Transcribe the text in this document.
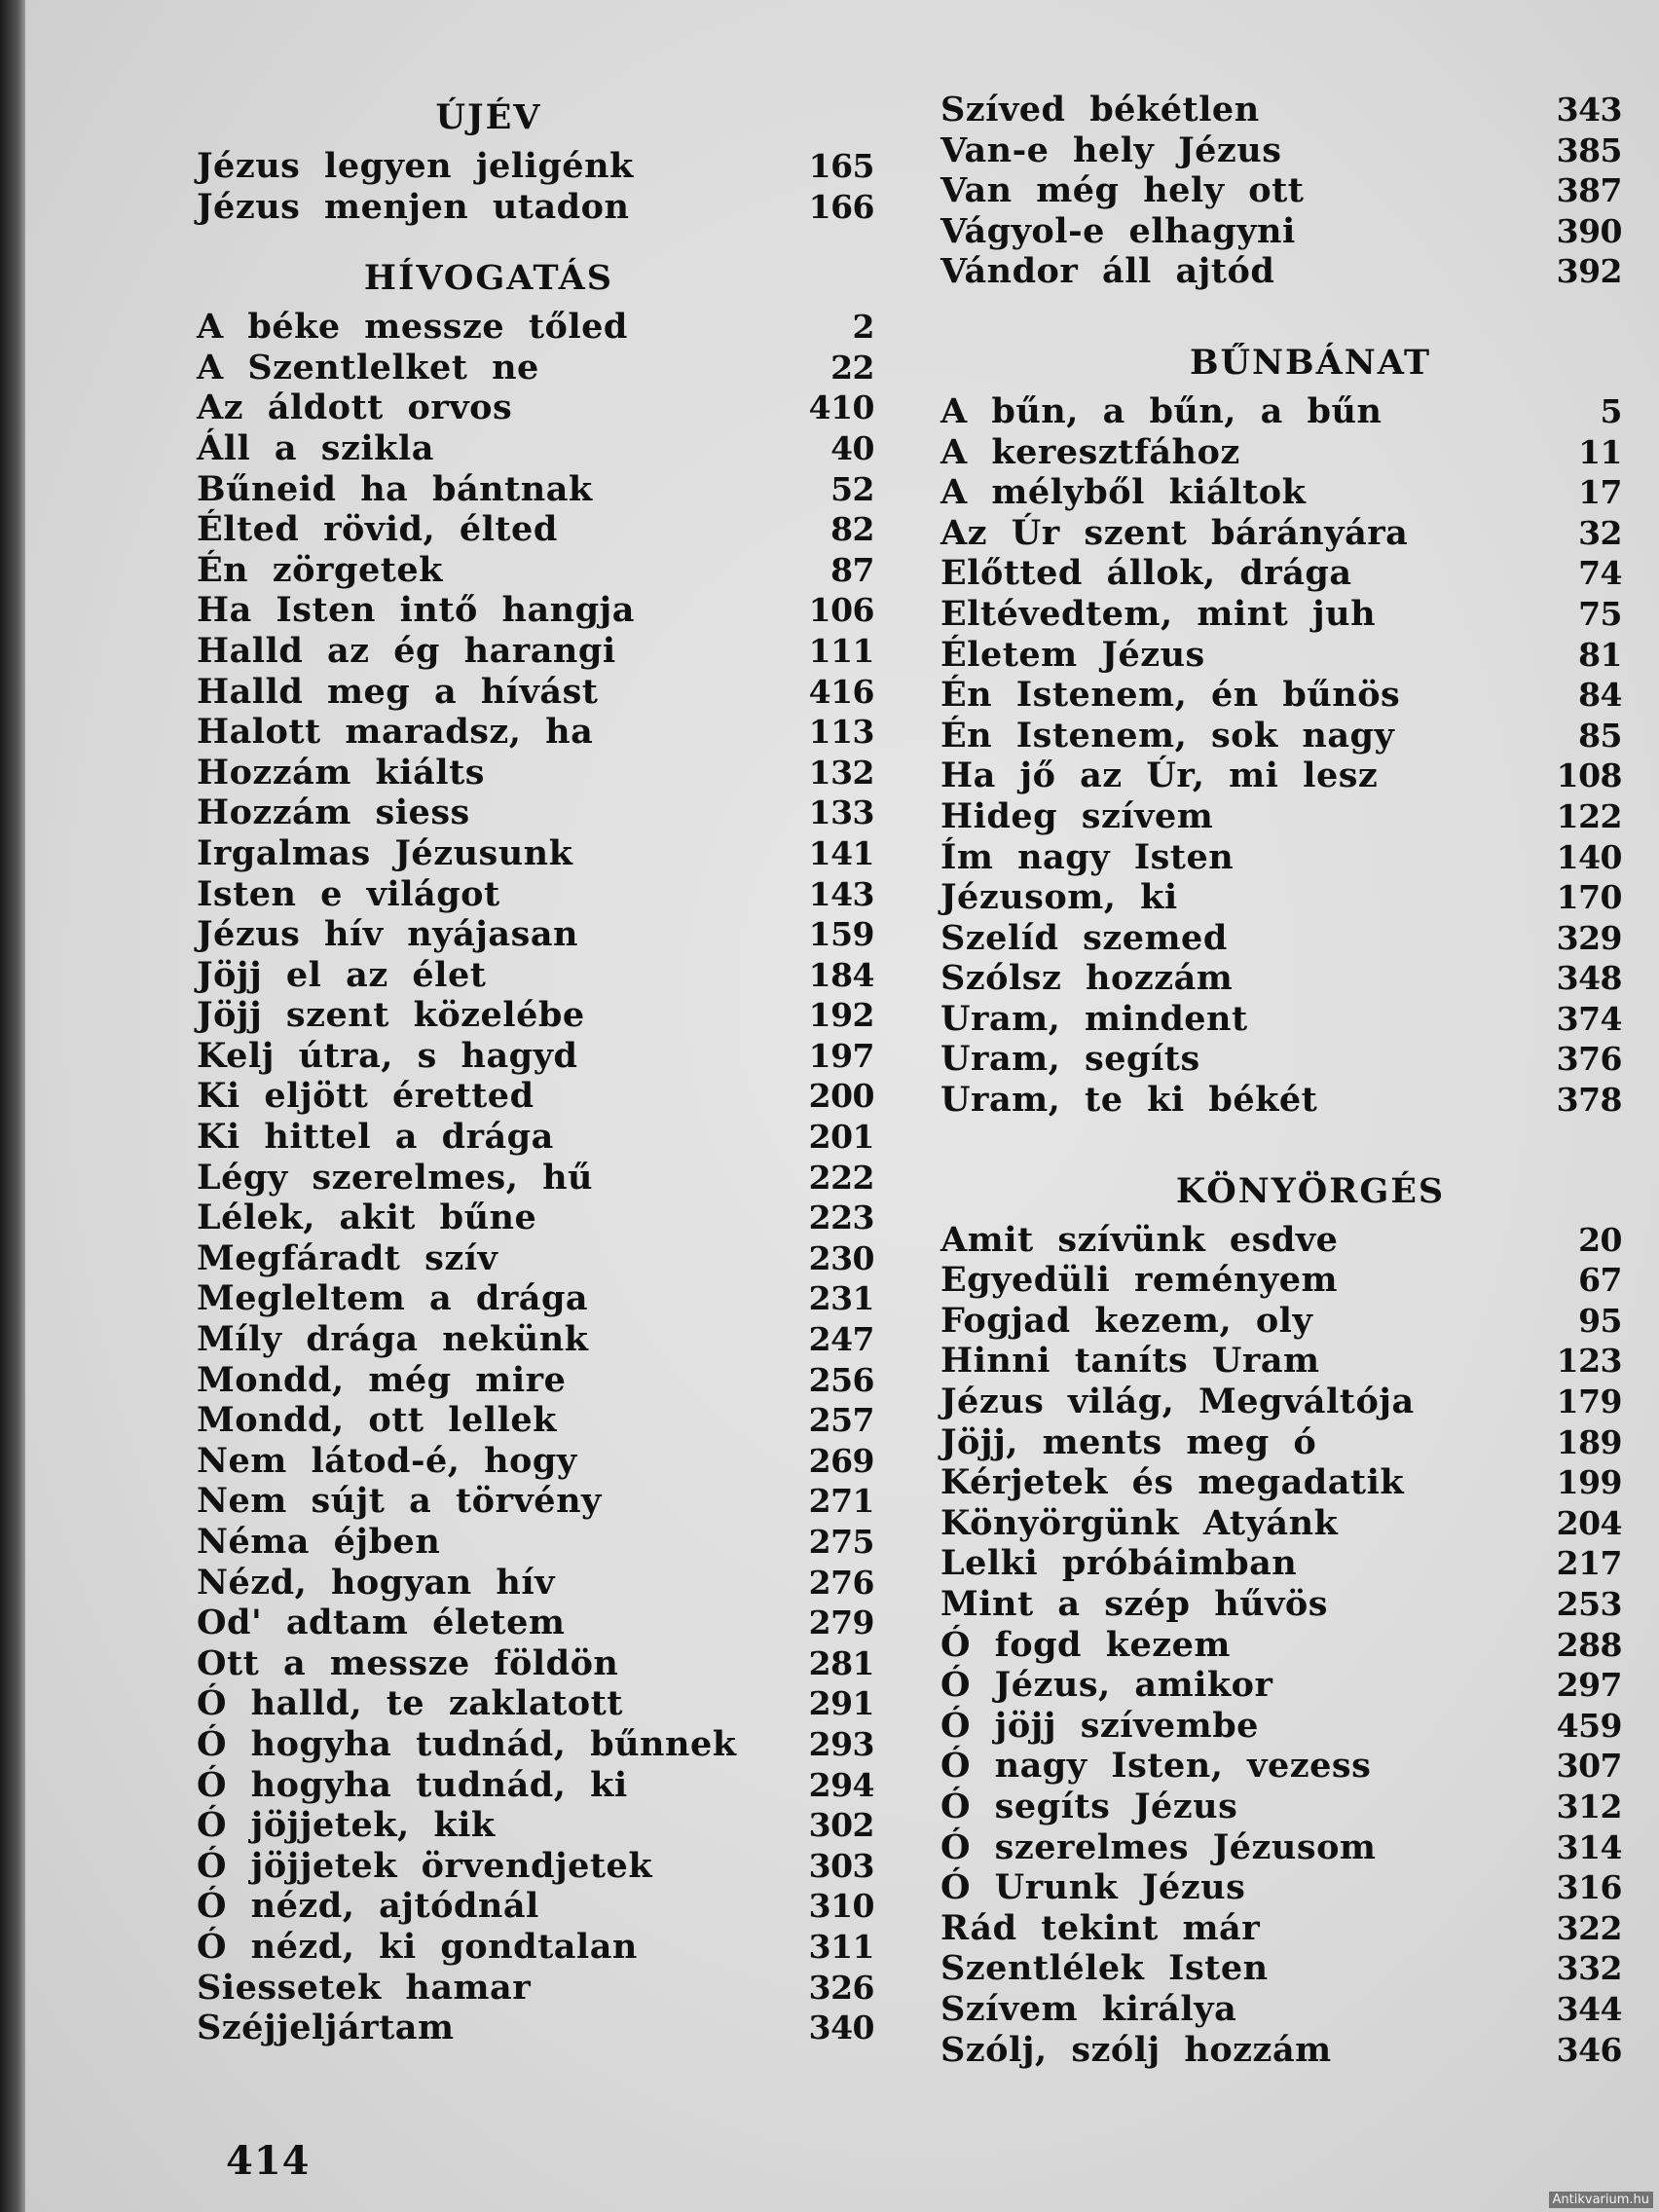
ÚJÉV
Jézus legyen jeligénk	165
Jézus menjen utadon	166
HÍVOGATÁS
A béke messze tőled	2
A Szentlelket ne	22
Az áldott orvos	410
Áll a szikla	40
Bűneid ha bántnak	52
Élted rövid, élted	82
Én zörgetek	87
Ha Isten intő hangja	106
Halld az ég harangi	111
Halld meg a hívást	416
Halott maradsz, ha	113
Hozzám kiálts	132
Hozzám siess	133
Irgalmas Jézusunk	141
Isten e világot	143
Jézus hív nyájasan	159
Jöjj el az élet	184
Jöjj szent közelébe	192
Kelj útra, s hagyd	197
Ki eljött éretted	200
Ki hittel a drága	201
Légy szerelmes, hű	222
Lélek, akit bűne	223
Megfáradt szív	230
Megleltem a drága	231
Míly drága nekünk	247
Mondd, még mire	256
Mondd, ott lellek	257
Nem látod-é, hogy	269
Nem sújt a törvény	271
Néma éjben	275
Nézd, hogyan hív	276
Od' adtam életem	279
Ott a messze földön	281
Ó halld, te zaklatott	291
Ó hogyha tudnád, bűnnek 293
Ó hogyha tudnád, ki	294
Ó jöjjetek, kik	302
Ó jöjjetek örvendjetek	303
Ó nézd, ajtódnál	310
Ó nézd, ki gondtalan	311
Siessetek hamar	326
Széjjeljártam	340
Szíved békétlen	343
Van-e hely Jézus	385
Van még hely ott	387
Vágyol-e elhagyni	390
Vándor áll ajtód	392
BŰNBÁNAT
A bűn, a bűn, a bűn	5
A keresztfához	11
A mélyből kiáltok	17
Az Úr szent bárányára	32
Előtted állok, drága	74
Eltévedtem, mint juh	75
Életem Jézus	81
Én Istenem, én bűnös	84
Én Istenem, sok nagy	85
Ha jő az Úr, mi lesz	108
Hideg szívem	122
Ím nagy Isten	140
Jézusom, ki	170
Szelíd szemed	329
Szólsz hozzám	348
Uram, mindent	374
Uram, segíts	376
Uram, te ki békét	378
KÖNYÖRGÉS
Amit szívünk esdve	20
Egyedüli reményem	67
Fogjad kezem, oly	95
Hinni taníts Uram	123
Jézus világ, Megváltója	179
Jöjj, ments meg ó	189
Kérjetek és megadatik	199
Könyörgünk Atyánk	204
Lelki próbáimban	217
Mint a szép hűvös	253
Ó fogd kezem	288
Ó Jézus, amikor	297
Ó jöjj szívembe	459
Ó nagy Isten, vezess	307
Ó segíts Jézus	312
Ó szerelmes Jézusom	314
Ó Urunk Jézus	316
Rád tekint már	322
Szentlélek Isten	332
Szívem királya	344
Szólj, szólj hozzám	346
414
Antikvarium.hu
